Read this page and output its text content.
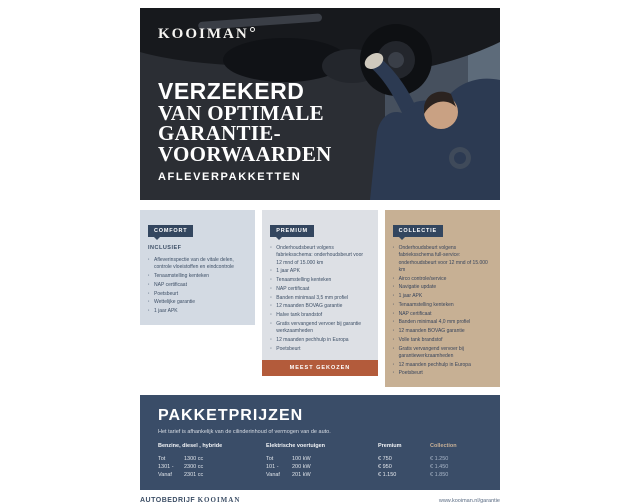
KOOIMAN
VERZEKERD
VAN OPTIMALE
GARANTIE-
VOORWAARDEN
AFLEVERPAKKETTEN
COMFORT
INCLUSIEF
· Afleverinspectie van de vitale delen, controle vloeistoffen en eindcontrole
· Tenaamstelling kenteken
· NAP certificaat
· Poetsbeurt
· Wettelijke garantie
· 1 jaar APK
PREMIUM
· Onderhoudsbeurt volgens fabrieksschema: onderhoudsbeurt voor 12 mnd of 15.000 km
· 1 jaar APK
· Tenaamstelling kenteken
· NAP certificaat
· Banden minimaal 3,5 mm profiel
· 12 maanden BOVAG garantie
· Halve tank brandstof
· Gratis vervangend vervoer bij garantie werkzaamheden
· 12 maanden pechhulp in Europa
· Poetsbeurt
MEEST GEKOZEN
COLLECTIE
· Onderhoudsbeurt volgens fabrieksschema full-service: onderhoudsbeurt voor 12 mnd of 15.000 km
· Airco controle/service
· Navigatie update
· 1 jaar APK
· Tenaamstelling kenteken
· NAP certificaat
· Banden minimaal 4,0 mm profiel
· 12 maanden BOVAG garantie
· Volle tank brandstof
· Gratis vervangend vervoer bij garantiewerkzaamheden
· 12 maanden pechhulp in Europa
· Poetsbeurt
PAKKETPRIJZEN
Het tarief is afhankelijk van de cilinderinhoud of vermogen van de auto.
Benzine, diesel , hybride	Elektrische voertuigen	Premium	Collection
Tot	1300 cc	Tot	100 kW	€ 750	€ 1.250
1301 - 2300 cc	101 - 200 kW	€ 950	€ 1.450
Vanaf 2301 cc	Vanaf 201 kW	€ 1.150	€ 1.850
AUTOBEDRIJF KOOIMAN	www.kooiman.nl/garantie
